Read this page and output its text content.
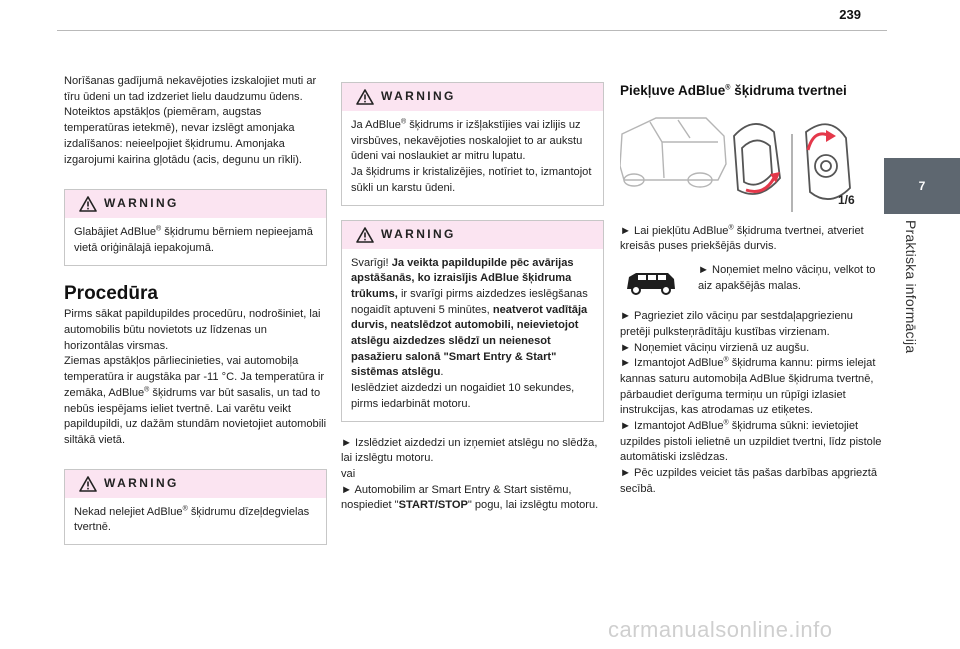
239
7
Praktiska informācija

Norīšanas gadījumā nekavējoties izskalojiet muti ar tīru ūdeni un tad izdzeriet lielu daudzumu ūdens.

Noteiktos apstākļos (piemēram, augstas temperatūras ietekmē), nevar izslēgt amonjaka izdalīšanos: neieelpojiet šķidrumu. Amonjaka izgarojumi kairina gļotādu (acis, degunu un rīkli).

WARNING
Glabājiet AdBlue® šķidrumu bērniem nepieejamā vietā oriģinālajā iepakojumā.

Procedūra

Pirms sākat papildupildes procedūru, nodrošiniet, lai automobilis būtu novietots uz līdzenas un horizontālas virsmas.

Ziemas apstākļos pārliecinieties, vai automobiļa temperatūra ir augstāka par -11 °C. Ja temperatūra ir zemāka, AdBlue® šķidrums var būt sasalis, un tad to nebūs iespējams ieliet tvertnē. Lai varētu veikt papildupildi, uz dažām stundām novietojiet automobili siltākā vietā.

WARNING
Nekad nelejiet AdBlue® šķidrumu dīzeļdegvielas tvertnē.
WARNING
Ja AdBlue® šķidrums ir izšļakstījies vai izlijis uz virsbūves, nekavējoties noskalojiet to ar aukstu ūdeni vai noslaukiet ar mitru lupatu.
Ja šķidrums ir kristalizējies, notīriet to, izmantojot sūkli un karstu ūdeni.
WARNING
Svarīgi! Ja veikta papildupilde pēc avārijas apstāšanās, ko izraisījis AdBlue šķidruma trūkums, ir svarīgi pirms aizdedzes ieslēgšanas nogaidīt aptuveni 5 minūtes, neatverot vadītāja durvis, neatslēdzot automobili, neievietojot atslēgu aizdedzes slēdzī un neienesot pasažieru salonā "Smart Entry & Start" sistēmas atslēgu.
Ieslēdziet aizdedzi un nogaidiet 10 sekundes, pirms iedarbināt motoru.

► Izslēdziet aizdedzi un izņemiet atslēgu no slēdža, lai izslēgtu motoru.

vai

► Automobilim ar Smart Entry & Start sistēmu, nospiediet "START/STOP" pogu, lai izslēgtu motoru.

Piekļuve AdBlue® šķidruma tvertnei

1/6

► Lai piekļūtu AdBlue® šķidruma tvertnei, atveriet kreisās puses priekšējās durvis.

► Noņemiet melno vāciņu, velkot to aiz apakšējās malas.

► Pagrieziet zilo vāciņu par sestdaļapgriezienu pretēji pulksteņrādītāju kustības virzienam.

► Noņemiet vāciņu virzienā uz augšu.

► Izmantojot AdBlue® šķidruma kannu: pirms ielejat kannas saturu automobiļa AdBlue šķidruma tvertnē, pārbaudiet derīguma termiņu un rūpīgi izlasiet instrukcijas, kas atrodamas uz etiķetes.

► Izmantojot AdBlue® šķidruma sūkni: ievietojiet uzpildes pistoli ielietnē un uzpildiet tvertni, līdz pistole automātiski izslēdzas.

► Pēc uzpildes veiciet tās pašas darbības apgrieztā secībā.

carmanualsonline.info
